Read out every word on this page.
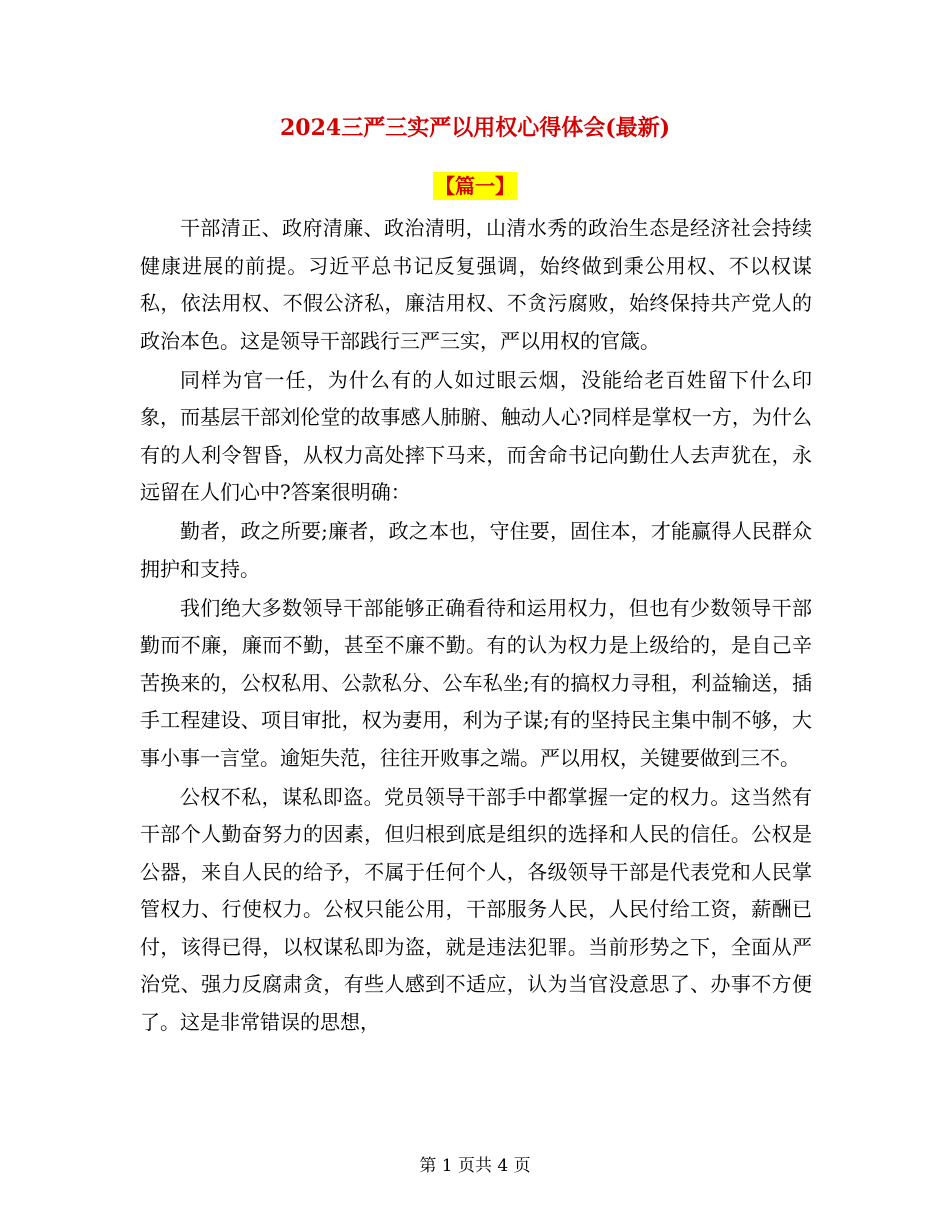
2024三严三实严以用权心得体会(最新)
【篇一】

干部清正、政府清廉、政治清明，山清水秀的政治生态是经济社会持续健康进展的前提。习近平总书记反复强调，始终做到秉公用权、不以权谋私，依法用权、不假公济私，廉洁用权、不贪污腐败，始终保持共产党人的政治本色。这是领导干部践行三严三实，严以用权的官箴。

同样为官一任，为什么有的人如过眼云烟，没能给老百姓留下什么印象，而基层干部刘伦堂的故事感人肺腑、触动人心?同样是掌权一方，为什么有的人利令智昏，从权力高处摔下马来，而舍命书记向勤仕人去声犹在，永远留在人们心中?答案很明确：

勤者，政之所要;廉者，政之本也，守住要，固住本，才能赢得人民群众拥护和支持。

我们绝大多数领导干部能够正确看待和运用权力，但也有少数领导干部勤而不廉，廉而不勤，甚至不廉不勤。有的认为权力是上级给的，是自己辛苦换来的，公权私用、公款私分、公车私坐;有的搞权力寻租，利益输送，插手工程建设、项目审批，权为妻用，利为子谋;有的坚持民主集中制不够，大事小事一言堂。逾矩失范，往往开败事之端。严以用权，关键要做到三不。

公权不私，谋私即盗。党员领导干部手中都掌握一定的权力。这当然有干部个人勤奋努力的因素，但归根到底是组织的选择和人民的信任。公权是公器，来自人民的给予，不属于任何个人，各级领导干部是代表党和人民掌管权力、行使权力。公权只能公用，干部服务人民，人民付给工资，薪酬已付，该得已得，以权谋私即为盗，就是违法犯罪。当前形势之下，全面从严治党、强力反腐肃贪，有些人感到不适应，认为当官没意思了、办事不方便了。这是非常错误的思想，

第 1 页共 4 页
